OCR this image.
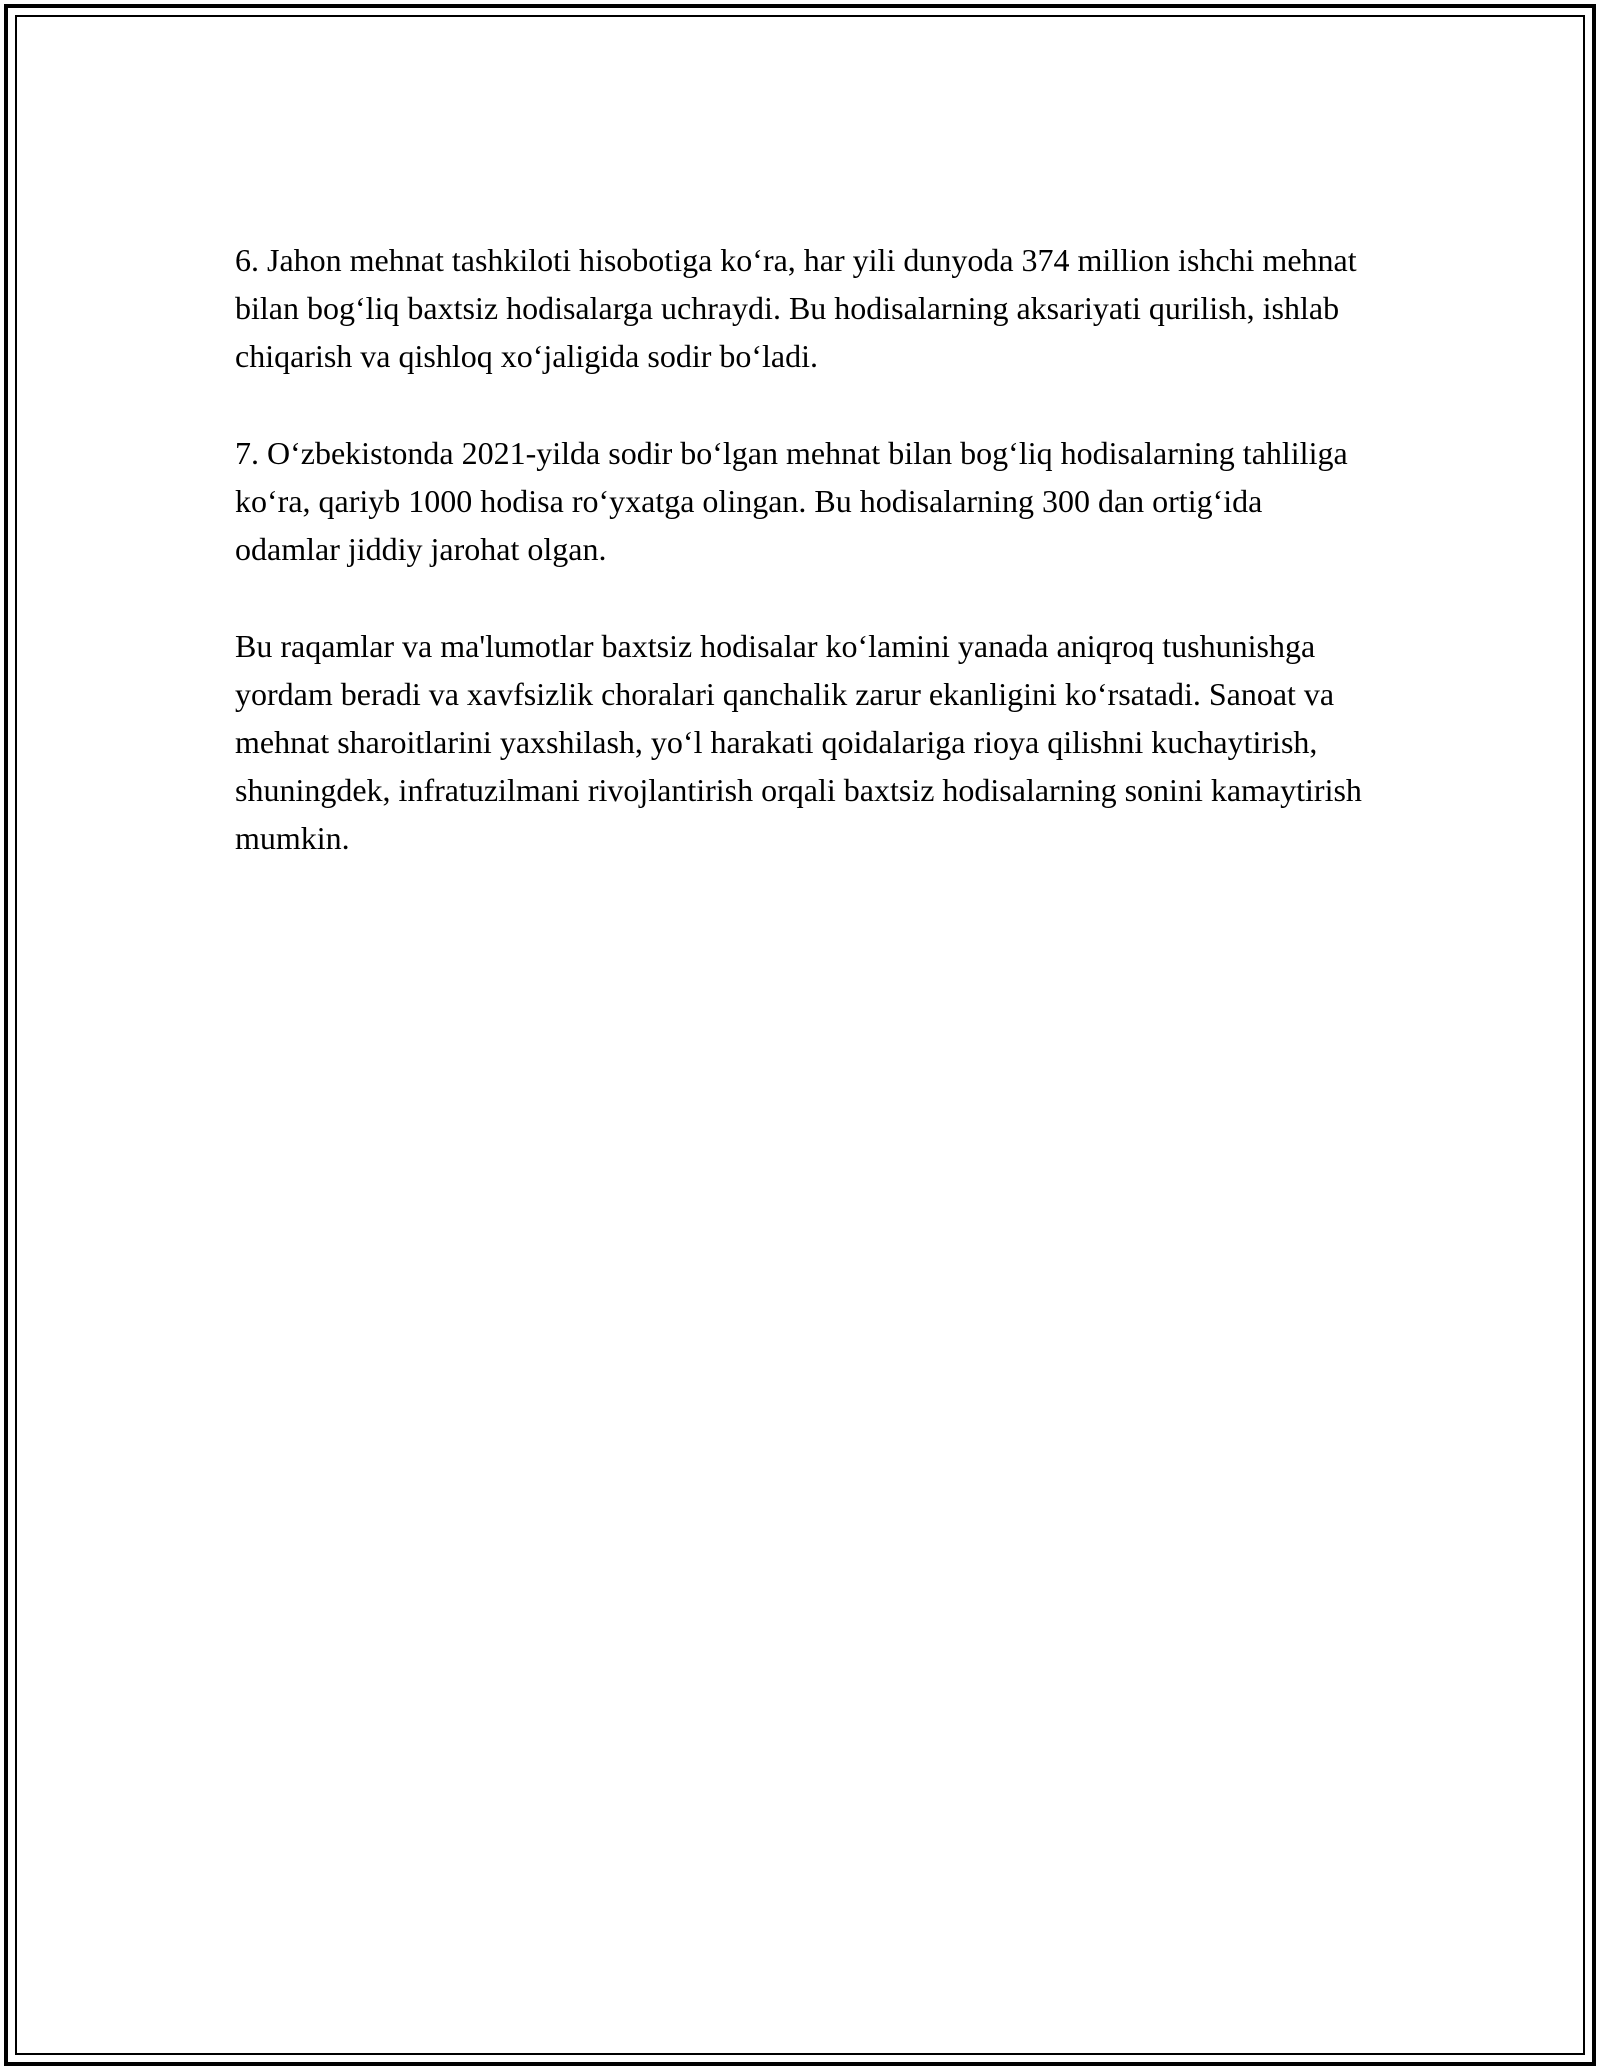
6. Jahon mehnat tashkiloti hisobotiga ko‘ra, har yili dunyoda 374 million ishchi mehnat bilan bog‘liq baxtsiz hodisalarga uchraydi. Bu hodisalarning aksariyati qurilish, ishlab chiqarish va qishloq xo‘jaligida sodir bo‘ladi.

7. O‘zbekistonda 2021-yilda sodir bo‘lgan mehnat bilan bog‘liq hodisalarning tahliliga ko‘ra, qariyb 1000 hodisa ro‘yxatga olingan. Bu hodisalarning 300 dan ortig‘ida odamlar jiddiy jarohat olgan.

Bu raqamlar va ma'lumotlar baxtsiz hodisalar ko‘lamini yanada aniqroq tushunishga yordam beradi va xavfsizlik choralari qanchalik zarur ekanligini ko‘rsatadi. Sanoat va mehnat sharoitlarini yaxshilash, yo‘l harakati qoidalariga rioya qilishni kuchaytirish, shuningdek, infratuzilmani rivojlantirish orqali baxtsiz hodisalarning sonini kamaytirish mumkin.
